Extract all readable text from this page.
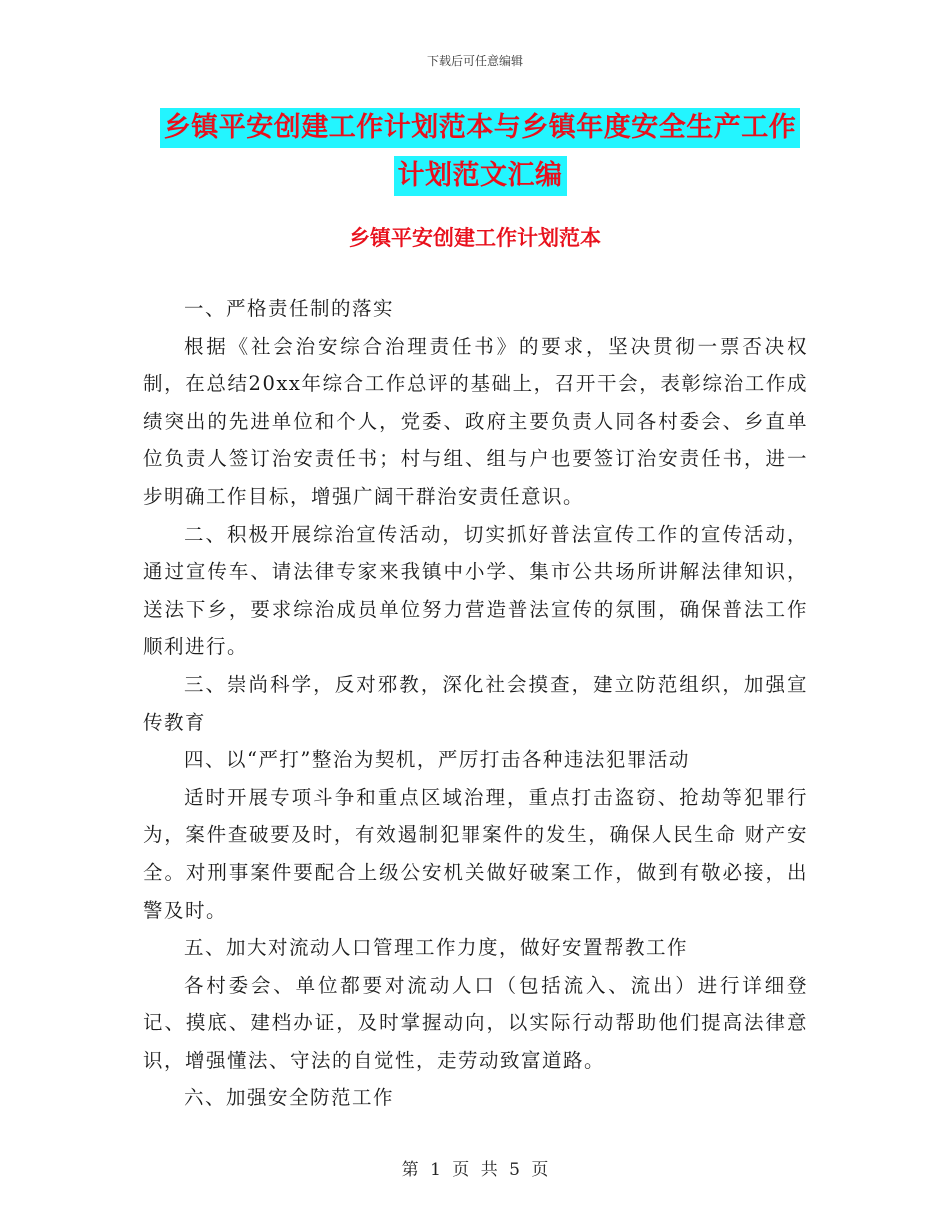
下载后可任意编辑
乡镇平安创建工作计划范本与乡镇年度安全生产工作
计划范文汇编
乡镇平安创建工作计划范本

一、严格责任制的落实

根据《社会治安综合治理责任书》的要求，坚决贯彻一票否决权制，在总结20xx年综合工作总评的基础上，召开干会，表彰综治工作成绩突出的先进单位和个人，党委、政府主要负责人同各村委会、乡直单位负责人签订治安责任书；村与组、组与户也要签订治安责任书，进一步明确工作目标，增强广阔干群治安责任意识。

二、积极开展综治宣传活动，切实抓好普法宣传工作的宣传活动，通过宣传车、请法律专家来我镇中小学、集市公共场所讲解法律知识，送法下乡，要求综治成员单位努力营造普法宣传的氛围，确保普法工作顺利进行。

三、崇尚科学，反对邪教，深化社会摸查，建立防范组织，加强宣传教育

四、以“严打”整治为契机，严厉打击各种违法犯罪活动

适时开展专项斗争和重点区域治理，重点打击盗窃、抢劫等犯罪行为，案件查破要及时，有效遏制犯罪案件的发生，确保人民生命 财产安全。对刑事案件要配合上级公安机关做好破案工作，做到有敬必接，出警及时。

五、加大对流动人口管理工作力度，做好安置帮教工作

各村委会、单位都要对流动人口（包括流入、流出）进行详细登记、摸底、建档办证，及时掌握动向，以实际行动帮助他们提高法律意识，增强懂法、守法的自觉性，走劳动致富道路。

六、加强安全防范工作

第 1 页 共 5 页
